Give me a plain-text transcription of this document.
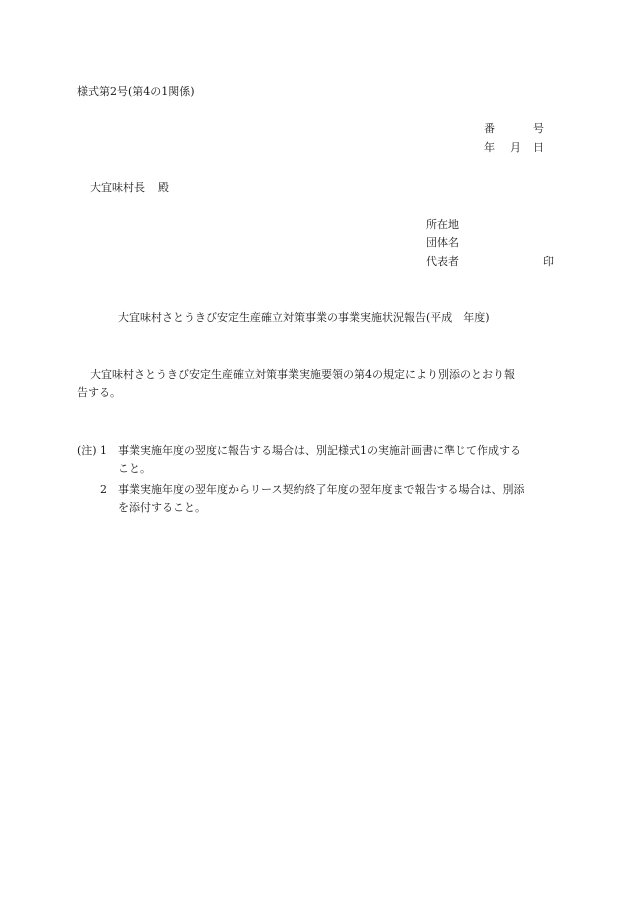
様式第2号(第4の1関係)
番	号
年 月 日
大宜味村長 殿
所在地
団体名
代表者	印
大宜味村さとうきび安定生産確立対策事業の事業実施状況報告(平成　年度)
大宜味村さとうきび安定生産確立対策事業実施要領の第4の規定により別添のとおり報
告する。
(注) 1 事業実施年度の翌度に報告する場合は、別記様式1の実施計画書に準じて作成する
こと。
2 事業実施年度の翌年度からリース契約終了年度の翌年度まで報告する場合は、別添
を添付すること。
